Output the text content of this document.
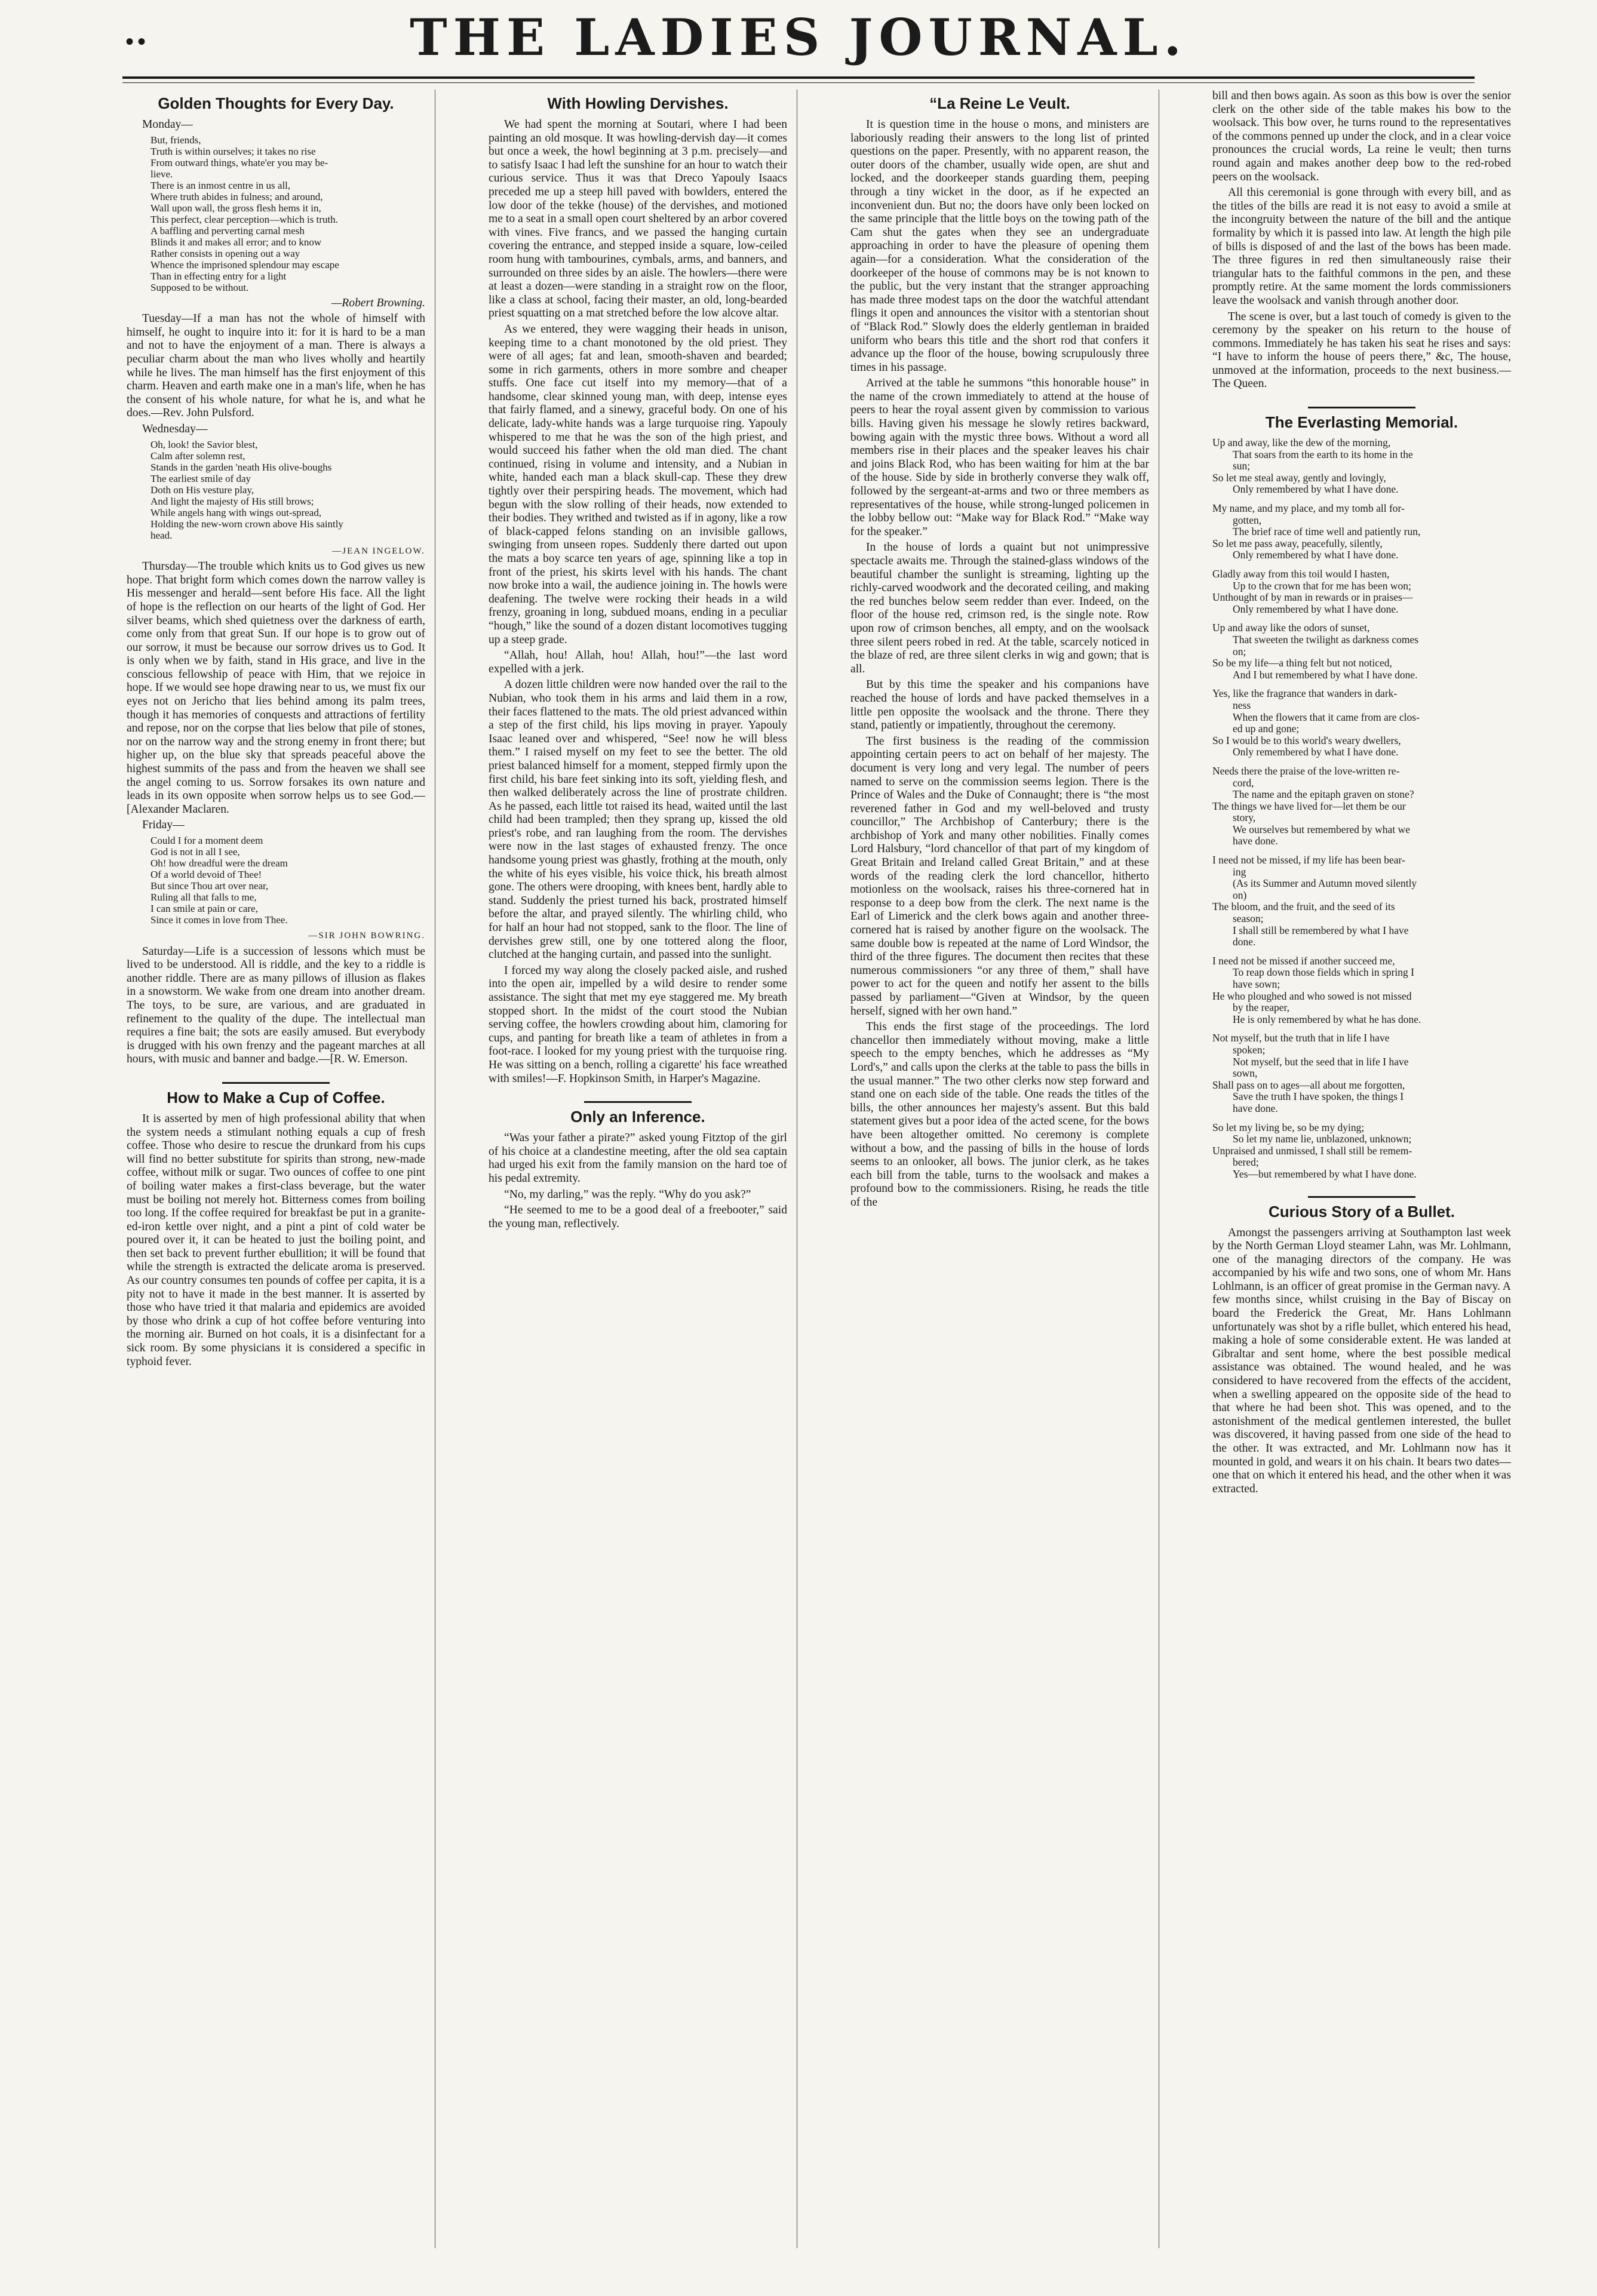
••	THE LADIES JOURNAL.
Golden Thoughts for Every Day.

Monday—

But, friends,
Truth is within ourselves; it takes no rise
From outward things, whate'er you may be-
lieve.
There is an inmost centre in us all,
Where truth abides in fulness; and around,
Wall upon wall, the gross flesh hems it in,
This perfect, clear perception—which is truth.
A baffling and perverting carnal mesh
Blinds it and makes all error; and to know
Rather consists in opening out a way
Whence the imprisoned splendour may escape
Than in effecting entry for a light
Supposed to be without.

—Robert Browning.

Tuesday—If a man has not the whole of himself with himself, he ought to inquire into it: for it is hard to be a man and not to have the enjoyment of a man. There is always a peculiar charm about the man who lives wholly and heartily while he lives. The man himself has the first enjoyment of this charm. Heaven and earth make one in a man's life, when he has the consent of his whole nature, for what he is, and what he does.—Rev. John Pulsford.

Wednesday—

Oh, look! the Savior blest,
Calm after solemn rest,
Stands in the garden 'neath His olive-boughs
The earliest smile of day
Doth on His vesture play,
And light the majesty of His still brows;
While angels hang with wings out-spread,
Holding the new-worn crown above His saintly
head.

—JEAN INGELOW.

Thursday—The trouble which knits us to God gives us new hope. That bright form which comes down the narrow valley is His messenger and herald—sent before His face. All the light of hope is the reflection on our hearts of the light of God. Her silver beams, which shed quietness over the darkness of earth, come only from that great Sun. If our hope is to grow out of our sorrow, it must be because our sorrow drives us to God. It is only when we by faith, stand in His grace, and live in the conscious fellowship of peace with Him, that we rejoice in hope. If we would see hope drawing near to us, we must fix our eyes not on Jericho that lies behind among its palm trees, though it has memories of conquests and attractions of fertility and repose, nor on the corpse that lies below that pile of stones, nor on the narrow way and the strong enemy in front there; but higher up, on the blue sky that spreads peaceful above the highest summits of the pass and from the heaven we shall see the angel coming to us. Sorrow forsakes its own nature and leads in its own opposite when sorrow helps us to see God.—[Alexander Maclaren.

Friday—

Could I for a moment deem
God is not in all I see,
Oh! how dreadful were the dream
Of a world devoid of Thee!
But since Thou art over near,
Ruling all that falls to me,
I can smile at pain or care,
Since it comes in love from Thee.

—SIR JOHN BOWRING.

Saturday—Life is a succession of lessons which must be lived to be understood. All is riddle, and the key to a riddle is another riddle. There are as many pillows of illusion as flakes in a snowstorm. We wake from one dream into another dream. The toys, to be sure, are various, and are graduated in refinement to the quality of the dupe. The intellectual man requires a fine bait; the sots are easily amused. But everybody is drugged with his own frenzy and the pageant marches at all hours, with music and banner and badge.—[R. W. Emerson.

How to Make a Cup of Coffee.

It is asserted by men of high professional ability that when the system needs a stimulant nothing equals a cup of fresh coffee. Those who desire to rescue the drunkard from his cups will find no better substitute for spirits than strong, new-made coffee, without milk or sugar. Two ounces of coffee to one pint of boiling water makes a first-class beverage, but the water must be boiling not merely hot. Bitterness comes from boiling too long. If the coffee required for breakfast be put in a granite-ed-iron kettle over night, and a pint a pint of cold water be poured over it, it can be heated to just the boiling point, and then set back to prevent further ebullition; it will be found that while the strength is extracted the delicate aroma is preserved. As our country consumes ten pounds of coffee per capita, it is a pity not to have it made in the best manner. It is asserted by those who have tried it that malaria and epidemics are avoided by those who drink a cup of hot coffee before venturing into the morning air. Burned on hot coals, it is a disinfectant for a sick room. By some physicians it is considered a specific in typhoid fever.

With Howling Dervishes.

We had spent the morning at Soutari, where I had been painting an old mosque. It was howling-dervish day—it comes but once a week, the howl beginning at 3 p.m. precisely—and to satisfy Isaac I had left the sunshine for an hour to watch their curious service. Thus it was that Dreco Yapouly Isaacs preceded me up a steep hill paved with bowlders, entered the low door of the tekke (house) of the dervishes, and motioned me to a seat in a small open court sheltered by an arbor covered with vines. Five francs, and we passed the hanging curtain covering the entrance, and stepped inside a square, low-ceiled room hung with tambourines, cymbals, arms, and banners, and surrounded on three sides by an aisle. The howlers—there were at least a dozen—were standing in a straight row on the floor, like a class at school, facing their master, an old, long-bearded priest squatting on a mat stretched before the low alcove altar.

As we entered, they were wagging their heads in unison, keeping time to a chant monotoned by the old priest. They were of all ages; fat and lean, smooth-shaven and bearded; some in rich garments, others in more sombre and cheaper stuffs. One face cut itself into my memory—that of a handsome, clear skinned young man, with deep, intense eyes that fairly flamed, and a sinewy, graceful body. On one of his delicate, lady-white hands was a large turquoise ring. Yapouly whispered to me that he was the son of the high priest, and would succeed his father when the old man died. The chant continued, rising in volume and intensity, and a Nubian in white, handed each man a black skull-cap. These they drew tightly over their perspiring heads. The movement, which had begun with the slow rolling of their heads, now extended to their bodies. They writhed and twisted as if in agony, like a row of black-capped felons standing on an invisible gallows, swinging from unseen ropes. Suddenly there darted out upon the mats a boy scarce ten years of age, spinning like a top in front of the priest, his skirts level with his hands. The chant now broke into a wail, the audience joining in. The howls were deafening. The twelve were rocking their heads in a wild frenzy, groaning in long, subdued moans, ending in a peculiar “hough,” like the sound of a dozen distant locomotives tugging up a steep grade.

“Allah, hou! Allah, hou! Allah, hou!”—the last word expelled with a jerk.

A dozen little children were now handed over the rail to the Nubian, who took them in his arms and laid them in a row, their faces flattened to the mats. The old priest advanced within a step of the first child, his lips moving in prayer. Yapouly Isaac leaned over and whispered, “See! now he will bless them.” I raised myself on my feet to see the better. The old priest balanced himself for a moment, stepped firmly upon the first child, his bare feet sinking into its soft, yielding flesh, and then walked deliberately across the line of prostrate children. As he passed, each little tot raised its head, waited until the last child had been trampled; then they sprang up, kissed the old priest's robe, and ran laughing from the room. The dervishes were now in the last stages of exhausted frenzy. The once handsome young priest was ghastly, frothing at the mouth, only the white of his eyes visible, his voice thick, his breath almost gone. The others were drooping, with knees bent, hardly able to stand. Suddenly the priest turned his back, prostrated himself before the altar, and prayed silently. The whirling child, who for half an hour had not stopped, sank to the floor. The line of dervishes grew still, one by one tottered along the floor, clutched at the hanging curtain, and passed into the sunlight.

I forced my way along the closely packed aisle, and rushed into the open air, impelled by a wild desire to render some assistance. The sight that met my eye staggered me. My breath stopped short. In the midst of the court stood the Nubian serving coffee, the howlers crowding about him, clamoring for cups, and panting for breath like a team of athletes in from a foot-race. I looked for my young priest with the turquoise ring. He was sitting on a bench, rolling a cigarette' his face wreathed with smiles!—F. Hopkinson Smith, in Harper's Magazine.

Only an Inference.

“Was your father a pirate?” asked young Fitztop of the girl of his choice at a clandestine meeting, after the old sea captain had urged his exit from the family mansion on the hard toe of his pedal extremity.

“No, my darling,” was the reply. “Why do you ask?”

“He seemed to me to be a good deal of a freebooter,” said the young man, reflectively.

“La Reine Le Veult.

It is question time in the house o mons, and ministers are laboriously reading their answers to the long list of printed questions on the paper. Presently, with no apparent reason, the outer doors of the chamber, usually wide open, are shut and locked, and the doorkeeper stands guarding them, peeping through a tiny wicket in the door, as if he expected an inconvenient dun. But no; the doors have only been locked on the same principle that the little boys on the towing path of the Cam shut the gates when they see an undergraduate approaching in order to have the pleasure of opening them again—for a consideration. What the consideration of the doorkeeper of the house of commons may be is not known to the public, but the very instant that the stranger approaching has made three modest taps on the door the watchful attendant flings it open and announces the visitor with a stentorian shout of “Black Rod.” Slowly does the elderly gentleman in braided uniform who bears this title and the short rod that confers it advance up the floor of the house, bowing scrupulously three times in his passage.

Arrived at the table he summons “this honorable house” in the name of the crown immediately to attend at the house of peers to hear the royal assent given by commission to various bills. Having given his message he slowly retires backward, bowing again with the mystic three bows. Without a word all members rise in their places and the speaker leaves his chair and joins Black Rod, who has been waiting for him at the bar of the house. Side by side in brotherly converse they walk off, followed by the sergeant-at-arms and two or three members as representatives of the house, while strong-lunged policemen in the lobby bellow out: “Make way for Black Rod.” “Make way for the speaker.”

In the house of lords a quaint but not unimpressive spectacle awaits me. Through the stained-glass windows of the beautiful chamber the sunlight is streaming, lighting up the richly-carved woodwork and the decorated ceiling, and making the red bunches below seem redder than ever. Indeed, on the floor of the house red, crimson red, is the single note. Row upon row of crimson benches, all empty, and on the woolsack three silent peers robed in red. At the table, scarcely noticed in the blaze of red, are three silent clerks in wig and gown; that is all.

But by this time the speaker and his companions have reached the house of lords and have packed themselves in a little pen opposite the woolsack and the throne. There they stand, patiently or impatiently, throughout the ceremony.

The first business is the reading of the commission appointing certain peers to act on behalf of her majesty. The document is very long and very legal. The number of peers named to serve on the commission seems legion. There is the Prince of Wales and the Duke of Connaught; there is “the most reverened father in God and my well-beloved and trusty councillor,” The Archbishop of Canterbury; there is the archbishop of York and many other nobilities. Finally comes Lord Halsbury, “lord chancellor of that part of my kingdom of Great Britain and Ireland called Great Britain,” and at these words of the reading clerk the lord chancellor, hitherto motionless on the woolsack, raises his three-cornered hat in response to a deep bow from the clerk. The next name is the Earl of Limerick and the clerk bows again and another three-cornered hat is raised by another figure on the woolsack. The same double bow is repeated at the name of Lord Windsor, the third of the three figures. The document then recites that these numerous commissioners “or any three of them,” shall have power to act for the queen and notify her assent to the bills passed by parliament—“Given at Windsor, by the queen herself, signed with her own hand.”

This ends the first stage of the proceedings. The lord chancellor then immediately without moving, make a little speech to the empty benches, which he addresses as “My Lord's,” and calls upon the clerks at the table to pass the bills in the usual manner.” The two other clerks now step forward and stand one on each side of the table. One reads the titles of the bills, the other announces her majesty's assent. But this bald statement gives but a poor idea of the acted scene, for the bows have been altogether omitted. No ceremony is complete without a bow, and the passing of bills in the house of lords seems to an onlooker, all bows. The junior clerk, as he takes each bill from the table, turns to the woolsack and makes a profound bow to the commissioners. Rising, he reads the title of the

bill and then bows again. As soon as this bow is over the senior clerk on the other side of the table makes his bow to the woolsack. This bow over, he turns round to the representatives of the commons penned up under the clock, and in a clear voice pronounces the crucial words, La reine le veult; then turns round again and makes another deep bow to the red-robed peers on the woolsack.

All this ceremonial is gone through with every bill, and as the titles of the bills are read it is not easy to avoid a smile at the incongruity between the nature of the bill and the antique formality by which it is passed into law. At length the high pile of bills is disposed of and the last of the bows has been made. The three figures in red then simultaneously raise their triangular hats to the faithful commons in the pen, and these promptly retire. At the same moment the lords commissioners leave the woolsack and vanish through another door.

The scene is over, but a last touch of comedy is given to the ceremony by the speaker on his return to the house of commons. Immediately he has taken his seat he rises and says: “I have to inform the house of peers there,” &c, The house, unmoved at the information, proceeds to the next business.—The Queen.

The Everlasting Memorial.
Up and away, like the dew of the morning,
That soars from the earth to its home in the
sun;
So let me steal away, gently and lovingly,
Only remembered by what I have done.
My name, and my place, and my tomb all for-
gotten,
The brief race of time well and patiently run,
So let me pass away, peacefully, silently,
Only remembered by what I have done.
Gladly away from this toil would I hasten,
Up to the crown that for me has been won;
Unthought of by man in rewards or in praises—
Only remembered by what I have done.
Up and away like the odors of sunset,
That sweeten the twilight as darkness comes
on;
So be my life—a thing felt but not noticed,
And I but remembered by what I have done.
Yes, like the fragrance that wanders in dark-
ness
When the flowers that it came from are clos-
ed up and gone;
So I would be to this world's weary dwellers,
Only remembered by what I have done.
Needs there the praise of the love-written re-
cord,
The name and the epitaph graven on stone?
The things we have lived for—let them be our
story,
We ourselves but remembered by what we
have done.
I need not be missed, if my life has been bear-
ing
(As its Summer and Autumn moved silently
on)
The bloom, and the fruit, and the seed of its
season;
I shall still be remembered by what I have
done.
I need not be missed if another succeed me,
To reap down those fields which in spring I
have sown;
He who ploughed and who sowed is not missed
by the reaper,
He is only remembered by what he has done.
Not myself, but the truth that in life I have
spoken;
Not myself, but the seed that in life I have
sown,
Shall pass on to ages—all about me forgotten,
Save the truth I have spoken, the things I
have done.
So let my living be, so be my dying;
So let my name lie, unblazoned, unknown;
Unpraised and unmissed, I shall still be remem-
bered;
Yes—but remembered by what I have done.
Curious Story of a Bullet.

Amongst the passengers arriving at Southampton last week by the North German Lloyd steamer Lahn, was Mr. Lohlmann, one of the managing directors of the company. He was accompanied by his wife and two sons, one of whom Mr. Hans Lohlmann, is an officer of great promise in the German navy. A few months since, whilst cruising in the Bay of Biscay on board the Frederick the Great, Mr. Hans Lohlmann unfortunately was shot by a rifle bullet, which entered his head, making a hole of some considerable extent. He was landed at Gibraltar and sent home, where the best possible medical assistance was obtained. The wound healed, and he was considered to have recovered from the effects of the accident, when a swelling appeared on the opposite side of the head to that where he had been shot. This was opened, and to the astonishment of the medical gentlemen interested, the bullet was discovered, it having passed from one side of the head to the other. It was extracted, and Mr. Lohlmann now has it mounted in gold, and wears it on his chain. It bears two dates—one that on which it entered his head, and the other when it was extracted.
